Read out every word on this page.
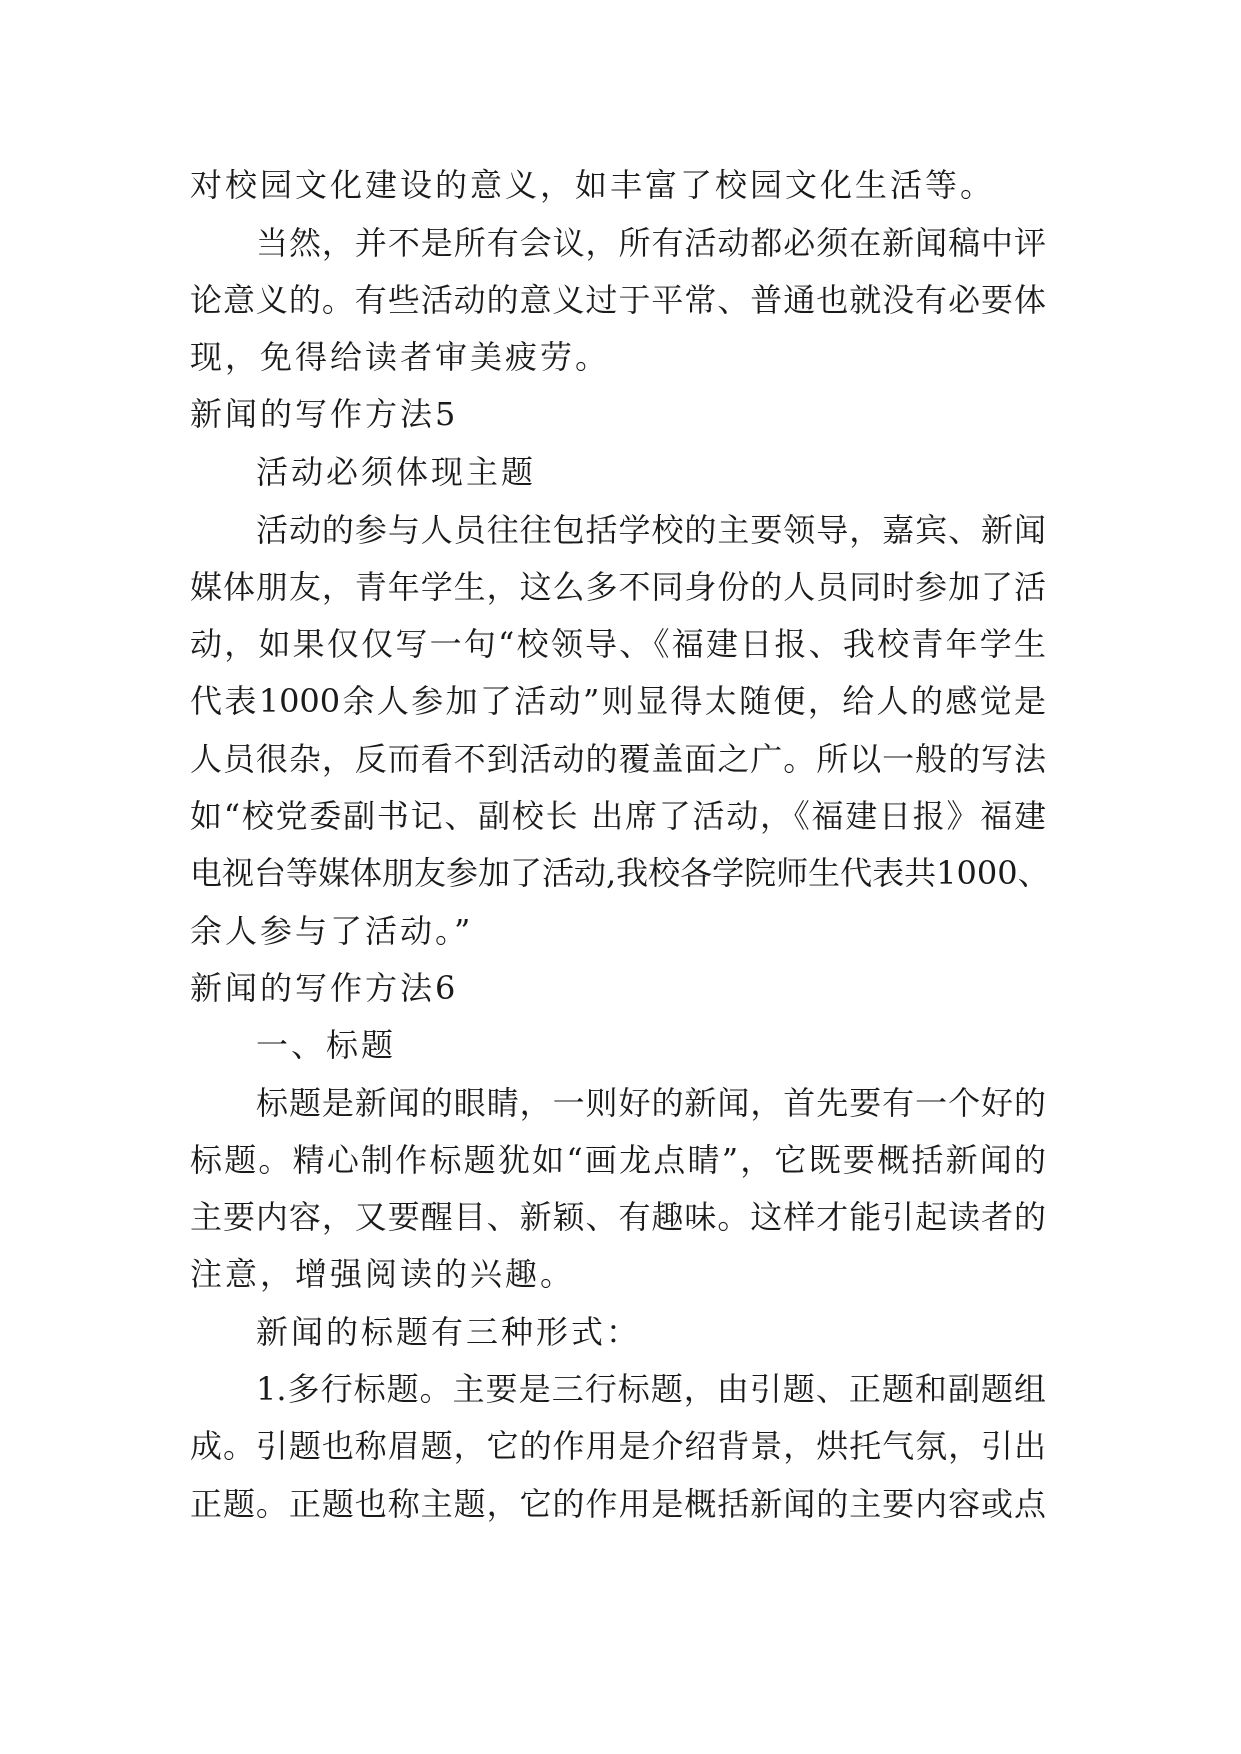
对校园文化建设的意义，如丰富了校园文化生活等。

当然，并不是所有会议，所有活动都必须在新闻稿中评

论意义的。有些活动的意义过于平常、普通也就没有必要体

现，免得给读者审美疲劳。

新闻的写作方法5

活动必须体现主题

活动的参与人员往往包括学校的主要领导，嘉宾、新闻

媒体朋友，青年学生，这么多不同身份的人员同时参加了活

动，如果仅仅写一句“校领导、《福建日报、我校青年学生

代表1000余人参加了活动”则显得太随便，给人的感觉是

人员很杂，反而看不到活动的覆盖面之广。所以一般的写法

如“校党委副书记、副校长 出席了活动，《福建日报》福建

电视台等媒体朋友参加了活动,我校各学院师生代表共1000、

余人参与了活动。”

新闻的写作方法6

一、标题

标题是新闻的眼睛，一则好的新闻，首先要有一个好的

标题。精心制作标题犹如“画龙点睛”，它既要概括新闻的

主要内容，又要醒目、新颖、有趣味。这样才能引起读者的

注意，增强阅读的兴趣。

新闻的标题有三种形式：

1.多行标题。主要是三行标题，由引题、正题和副题组

成。引题也称眉题，它的作用是介绍背景，烘托气氛，引出

正题。正题也称主题，它的作用是概括新闻的主要内容或点
